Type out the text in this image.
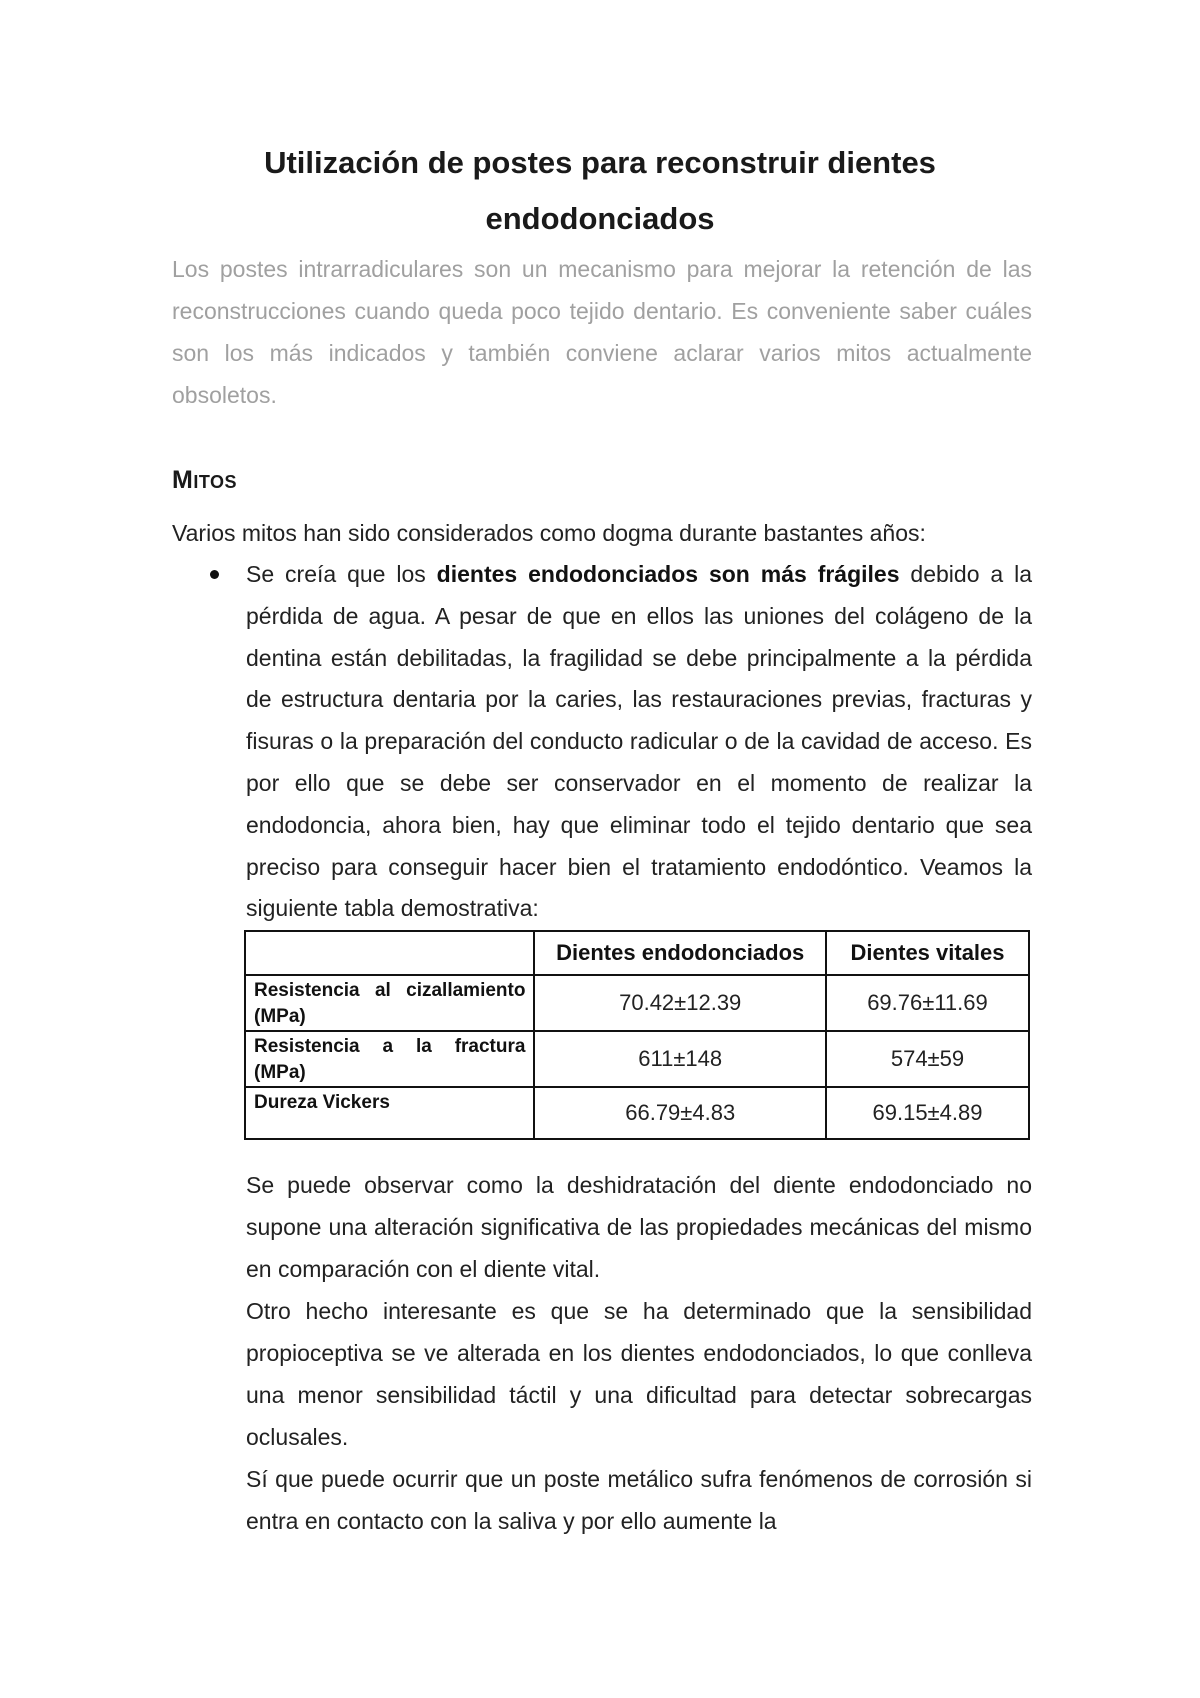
Utilización de postes para reconstruir dientes
endodonciados
Los postes intrarradiculares son un mecanismo para mejorar la retención de las reconstrucciones cuando queda poco tejido dentario. Es conveniente saber cuáles son los más indicados y también conviene aclarar varios mitos actualmente obsoletos.
Mitos
Varios mitos han sido considerados como dogma durante bastantes años:
Se creía que los dientes endodonciados son más frágiles debido a la pérdida de agua. A pesar de que en ellos las uniones del colágeno de la dentina están debilitadas, la fragilidad se debe principalmente a la pérdida de estructura dentaria por la caries, las restauraciones previas, fracturas y fisuras o la preparación del conducto radicular o de la cavidad de acceso. Es por ello que se debe ser conservador en el momento de realizar la endodoncia, ahora bien, hay que eliminar todo el tejido dentario que sea preciso para conseguir hacer bien el tratamiento endodóntico. Veamos la siguiente tabla demostrativa:
	Dientes endodonciados	Dientes vitales
Resistencia al cizallamiento (MPa)	70.42±12.39	69.76±11.69
Resistencia a la fractura (MPa)	611±148	574±59
Dureza Vickers	66.79±4.83	69.15±4.89

Se puede observar como la deshidratación del diente endodonciado no supone una alteración significativa de las propiedades mecánicas del mismo en comparación con el diente vital.

Otro hecho interesante es que se ha determinado que la sensibilidad propioceptiva se ve alterada en los dientes endodonciados, lo que conlleva una menor sensibilidad táctil y una dificultad para detectar sobrecargas oclusales.

Sí que puede ocurrir que un poste metálico sufra fenómenos de corrosión si entra en contacto con la saliva y por ello aumente la
